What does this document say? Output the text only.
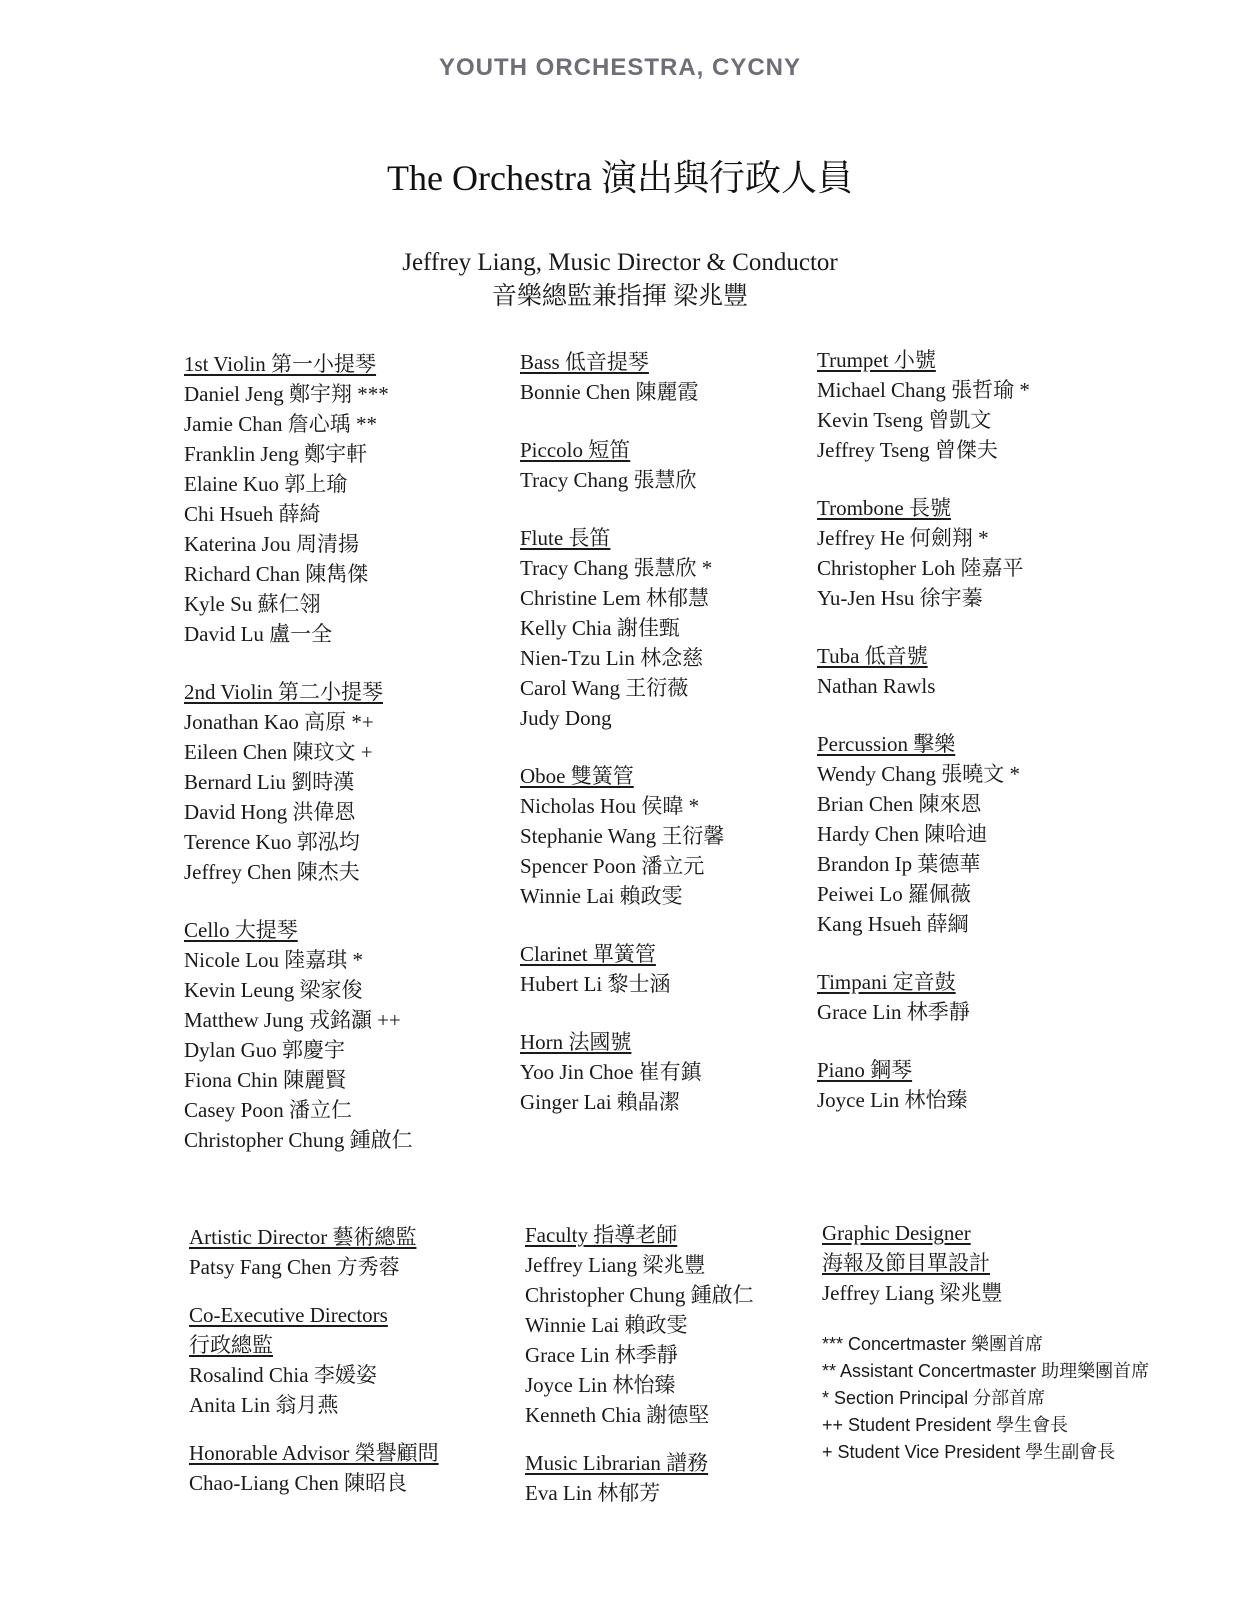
YOUTH ORCHESTRA, CYCNY
The Orchestra 演出與行政人員
Jeffrey Liang, Music Director & Conductor
音樂總監兼指揮 梁兆豐
1st Violin 第一小提琴
Daniel Jeng 鄭宇翔 ***
Jamie Chan 詹心瑀 **
Franklin Jeng 鄭宇軒
Elaine Kuo 郭上瑜
Chi Hsueh 薛綺
Katerina Jou 周清揚
Richard Chan 陳雋傑
Kyle Su 蘇仁翎
David Lu 盧一全
2nd Violin 第二小提琴
Jonathan Kao 高原 *+
Eileen Chen 陳玟文 +
Bernard Liu 劉時漢
David Hong 洪偉恩
Terence Kuo 郭泓均
Jeffrey Chen 陳杰夫
Cello 大提琴
Nicole Lou 陸嘉琪 *
Kevin Leung 梁家俊
Matthew Jung 戎銘灝 ++
Dylan Guo 郭慶宇
Fiona Chin 陳麗賢
Casey Poon 潘立仁
Christopher Chung 鍾啟仁
Bass 低音提琴
Bonnie Chen 陳麗霞
Piccolo 短笛
Tracy Chang 張慧欣
Flute 長笛
Tracy Chang 張慧欣 *
Christine Lem 林郁慧
Kelly Chia 謝佳甄
Nien-Tzu Lin 林念慈
Carol Wang 王衍薇
Judy Dong
Oboe 雙簧管
Nicholas Hou 侯暐 *
Stephanie Wang 王衍馨
Spencer Poon 潘立元
Winnie Lai 賴政雯
Clarinet 單簧管
Hubert Li 黎士涵
Horn 法國號
Yoo Jin Choe 崔有鎮
Ginger Lai 賴晶潔
Trumpet 小號
Michael Chang 張哲瑜 *
Kevin Tseng 曾凱文
Jeffrey Tseng 曾傑夫
Trombone 長號
Jeffrey He 何劍翔 *
Christopher Loh 陸嘉平
Yu-Jen Hsu 徐宇蓁
Tuba 低音號
Nathan Rawls
Percussion 擊樂
Wendy Chang 張曉文 *
Brian Chen 陳來恩
Hardy Chen 陳哈迪
Brandon Ip 葉德華
Peiwei Lo 羅佩薇
Kang Hsueh 薛綱
Timpani 定音鼓
Grace Lin 林季靜
Piano 鋼琴
Joyce Lin 林怡臻
Artistic Director 藝術總監
Patsy Fang Chen 方秀蓉
Co-Executive Directors
行政總監
Rosalind Chia 李媛姿
Anita Lin 翁月燕
Honorable Advisor 榮譽顧問
Chao-Liang Chen 陳昭良
Faculty 指導老師
Jeffrey Liang 梁兆豐
Christopher Chung 鍾啟仁
Winnie Lai 賴政雯
Grace Lin 林季靜
Joyce Lin 林怡臻
Kenneth Chia 謝德堅
Music Librarian 譜務
Eva Lin 林郁芳
Graphic Designer
海報及節目單設計
Jeffrey Liang 梁兆豐
*** Concertmaster 樂團首席
** Assistant Concertmaster 助理樂團首席
* Section Principal 分部首席
++ Student President 學生會長
+ Student Vice President 學生副會長
